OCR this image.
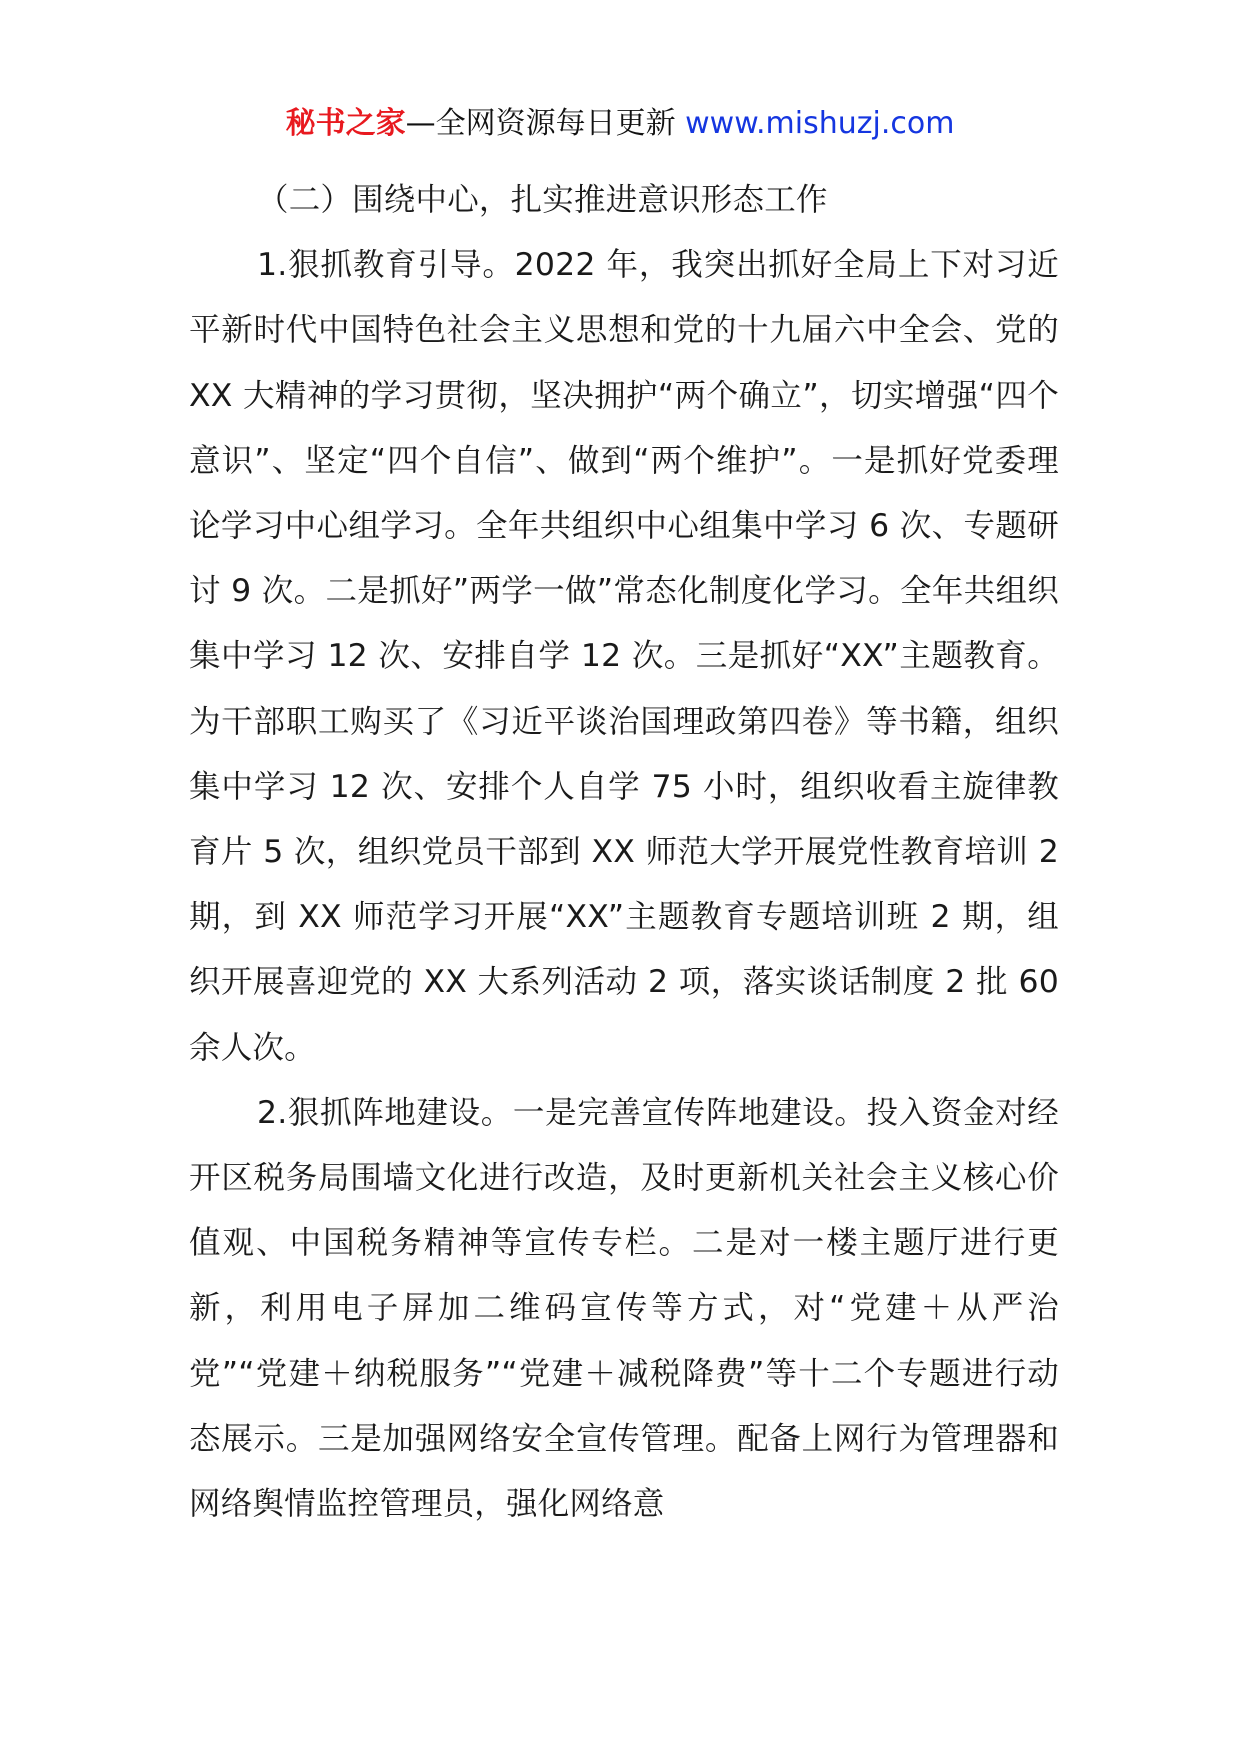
秘书之家—全网资源每日更新 www.mishuzj.com

（二）围绕中心，扎实推进意识形态工作

1.狠抓教育引导。2022 年，我突出抓好全局上下对习近平新时代中国特色社会主义思想和党的十九届六中全会、党的 XX 大精神的学习贯彻，坚决拥护“两个确立”，切实增强“四个意识”、坚定“四个自信”、做到“两个维护”。一是抓好党委理论学习中心组学习。全年共组织中心组集中学习 6 次、专题研讨 9 次。二是抓好”两学一做”常态化制度化学习。全年共组织集中学习 12 次、安排自学 12 次。三是抓好“XX”主题教育。为干部职工购买了《习近平谈治国理政第四卷》等书籍，组织集中学习 12 次、安排个人自学 75 小时，组织收看主旋律教育片 5 次，组织党员干部到 XX 师范大学开展党性教育培训 2 期，到 XX 师范学习开展“XX”主题教育专题培训班 2 期，组织开展喜迎党的 XX 大系列活动 2 项，落实谈话制度 2 批 60 余人次。

2.狠抓阵地建设。一是完善宣传阵地建设。投入资金对经开区税务局围墙文化进行改造，及时更新机关社会主义核心价值观、中国税务精神等宣传专栏。二是对一楼主题厅进行更新，利用电子屏加二维码宣传等方式，对“党建＋从严治党”“党建＋纳税服务”“党建＋减税降费”等十二个专题进行动态展示。三是加强网络安全宣传管理。配备上网行为管理器和网络舆情监控管理员，强化网络意
